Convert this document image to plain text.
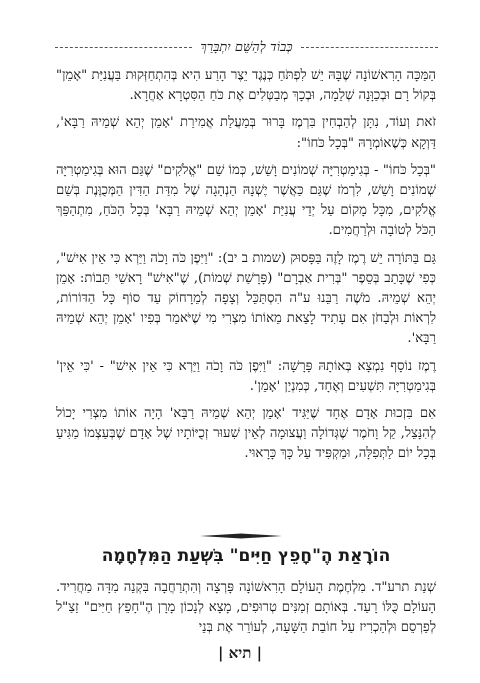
כְּבוֹד לְהַשֵּׁם יִתְבָּרַךְ

הַמַּכָּה הָרִאשׁוֹנָה שֶׁבָּהּ יֵשׁ לִפְתֹּחַ כְּנֶגֶד יֵצֶר הָרַע הִיא בְּהִתְחַזְּקוּת בַּעֲנִיַּת "אָמֵן" בְּקוֹל רָם וּבְכַוָּנָה שְׁלֵמָה, וּבְכָךְ מְבַטְּלִים אֶת כֹּחַ הַסִּטְרָא אַחֲרָא.

זֹאת וְעוֹד, נִתָּן לְהַבְחִין בִּרְמֶז בָּרוּר בְּמַעֲלַת אֲמִירַת 'אָמֵן יְהֵא שְׁמֵיהּ רַבָּא', דַּוְקָא כְּשֶׁאוֹמְרָהּ "בְּכָל כֹּחוֹ":

"בְּכָל כֹּחוֹ" - בְּגִימַטְרִיָּה שְׁמוֹנִים וָשֵׁשׁ, כְּמוֹ שֵׁם "אֱלֹקִים" שֶׁגַּם הוּא בְּגִימַטְרִיָּה שְׁמוֹנִים וָשֵׁשׁ, לִרְמֹז שֶׁגַּם כַּאֲשֶׁר יֶשְׁנָהּ הַנְהָגָה שֶׁל מִדַּת הַדִּין הַמְּכֻוֶּנֶת בְּשֵׁם אֱלֹקִים, מִכָּל מָקוֹם עַל יְדֵי עֲנִיַּת 'אָמֵן יְהֵא שְׁמֵיהּ רַבָּא' בְּכָל הַכֹּחַ, מִתְהַפֵּךְ הַכֹּל לְטוֹבָה וּלְרַחֲמִים.

גַּם בַּתּוֹרָה יֵשׁ רֶמֶז לָזֶה בַּפָּסוּק (שמות ב יב): "וַיִּפֶן כֹּה וָכֹה וַיַּרְא כִּי אֵין אִישׁ", כְּפִי שֶׁכָּתַב בְּסֵפֶר "בְּרִית אַבְרָם" (פָּרָשַׁת שְׁמוֹת), שֶׁ"אִישׁ" רָאשֵׁי תֵּבוֹת: אָמֵן יְהֵא שְׁמֵיהּ. מֹשֶׁה רַבֵּנוּ ע"ה הִסְתַּכֵּל וְצָפָה לְמֵרָחוֹק עַד סוֹף כָּל הַדּוֹרוֹת, לִרְאוֹת וּלְבַחֹן אִם עָתִיד לָצֵאת מֵאוֹתוֹ מִצְרִי מִי שֶׁיֹּאמַר בְּפִיו 'אָמֵן יְהֵא שְׁמֵיהּ רַבָּא'.

רֶמֶז נוֹסָף נִמְצָא בְּאוֹתָהּ פָּרָשָׁה: "וַיִּפֶן כֹּה וָכֹה וַיַּרְא כִּי אֵין אִישׁ" - 'כִּי אֵין' בְּגִימַטְרִיָּה תִּשְׁעִים וְאֶחָד, כְּמִנְיַן 'אָמֵן'.

אִם בִּזְכוּת אָדָם אֶחָד שֶׁיַּגִּיד 'אָמֵן יְהֵא שְׁמֵיהּ רַבָּא' הָיָה אוֹתוֹ מִצְרִי יָכוֹל לְהִנָּצֵל, קַל וָחֹמֶר שֶׁגְּדוֹלָה וַעֲצוּמָה לְאֵין שִׁעוּר זְכֻיּוֹתָיו שֶׁל אָדָם שֶׁבְּעַצְמוֹ מַגִּיעַ בְּכָל יוֹם לַתְּפִלָּה, וּמַקְפִּיד עַל כָּךְ כָּרָאוּי.

הוֹרָאַת הֶ"חָפֵץ חַיִּים" בִּשְׁעַת הַמִּלְחָמָה
שְׁנַת תרע"ד. מִלְחֶמֶת הָעוֹלָם הָרִאשׁוֹנָה פָּרְצָה וְהִתְרַחֲבָה בִּקְנֵה מִדָּה מַחֲרִיד. הָעוֹלָם כֻּלּוֹ רָעַד. בְּאוֹתָם זְמַנִּים טְרוּפִים, מָצָא לְנָכוֹן מָרָן הֶ"חָפֵץ חַיִּים" זַצַ"ל לְפַרְסֵם וּלְהַכְרִיז עַל חוֹבַת הַשָּׁעָה, לְעוֹרֵר אֶת בְּנֵי
| תיא |
